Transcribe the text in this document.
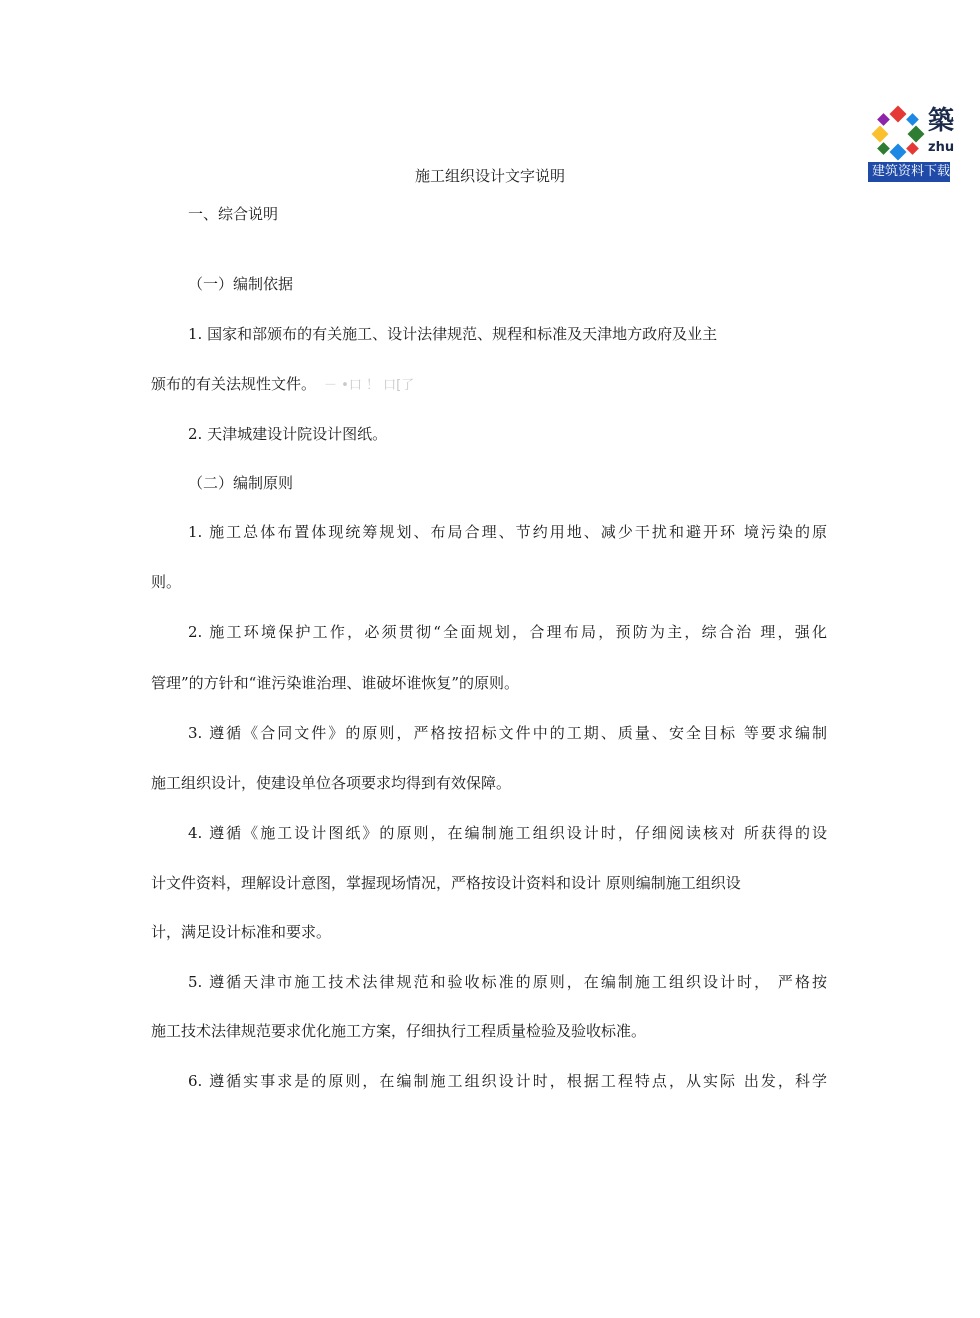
築
zhu
建筑资料下载
施工组织设计文字说明
一、综合说明
（一）编制依据
1. 国家和部颁布的有关施工、设计法律规范、规程和标准及天津地方政府及业主
颁布的有关法规性文件。 － •口 ！ 口[了
2. 天津城建设计院设计图纸。
（二）编制原则
1. 施工总体布置体现统筹规划、布局合理、节约用地、减少干扰和避开环 境污染的原
则。
2. 施工环境保护工作，必须贯彻“全面规划，合理布局，预防为主，综合治 理，强化
管理”的方针和“谁污染谁治理、谁破坏谁恢复”的原则。
3. 遵循《合同文件》的原则，严格按招标文件中的工期、质量、安全目标 等要求编制
施工组织设计，使建设单位各项要求均得到有效保障。
4. 遵循《施工设计图纸》的原则，在编制施工组织设计时，仔细阅读核对 所获得的设
计文件资料，理解设计意图，掌握现场情况，严格按设计资料和设计 原则编制施工组织设
计，满足设计标准和要求。
5. 遵循天津市施工技术法律规范和验收标准的原则，在编制施工组织设计时， 严格按
施工技术法律规范要求优化施工方案，仔细执行工程质量检验及验收标准。
6. 遵循实事求是的原则，在编制施工组织设计时，根据工程特点，从实际 出发，科学
